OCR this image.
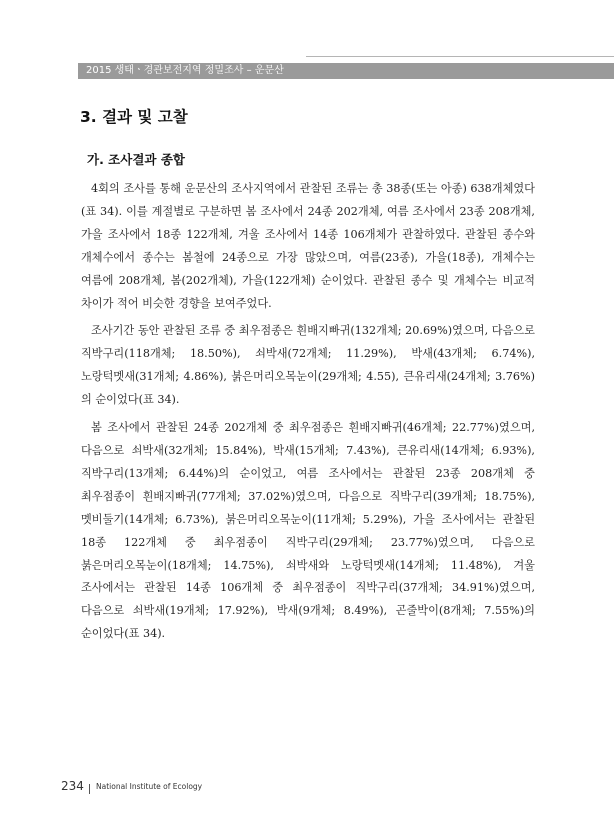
2015 생태ㆍ경관보전지역 정밀조사 – 운문산
3. 결과 및 고찰
가. 조사결과 종합

4회의 조사를 통해 운문산의 조사지역에서 관찰된 조류는 총 38종(또는 아종) 638개체였다(표 34). 이를 계절별로 구분하면 봄 조사에서 24종 202개체, 여름 조사에서 23종 208개체, 가을 조사에서 18종 122개체, 겨울 조사에서 14종 106개체가 관찰하였다. 관찰된 종수와 개체수에서 종수는 봄철에 24종으로 가장 많았으며, 여름(23종), 가을(18종), 개체수는 여름에 208개체, 봄(202개체), 가을(122개체) 순이었다. 관찰된 종수 및 개체수는 비교적 차이가 적어 비슷한 경향을 보여주었다.

조사기간 동안 관찰된 조류 중 최우점종은 흰배지빠귀(132개체; 20.69%)였으며, 다음으로 직박구리(118개체; 18.50%), 쇠박새(72개체; 11.29%), 박새(43개체; 6.74%), 노랑턱멧새(31개체; 4.86%), 붉은머리오목눈이(29개체; 4.55), 큰유리새(24개체; 3.76%)의 순이었다(표 34).

봄 조사에서 관찰된 24종 202개체 중 최우점종은 흰배지빠귀(46개체; 22.77%)였으며, 다음으로 쇠박새(32개체; 15.84%), 박새(15개체; 7.43%), 큰유리새(14개체; 6.93%), 직박구리(13개체; 6.44%)의 순이었고, 여름 조사에서는 관찰된 23종 208개체 중 최우점종이 흰배지빠귀(77개체; 37.02%)였으며, 다음으로 직박구리(39개체; 18.75%), 멧비둘기(14개체; 6.73%), 붉은머리오목눈이(11개체; 5.29%), 가을 조사에서는 관찰된 18종 122개체 중 최우점종이 직박구리(29개체; 23.77%)였으며, 다음으로 붉은머리오목눈이(18개체; 14.75%), 쇠박새와 노랑턱멧새(14개체; 11.48%), 겨울 조사에서는 관찰된 14종 106개체 중 최우점종이 직박구리(37개체; 34.91%)였으며, 다음으로 쇠박새(19개체; 17.92%), 박새(9개체; 8.49%), 곤줄박이(8개체; 7.55%)의 순이었다(표 34).

234 National Institute of Ecology
